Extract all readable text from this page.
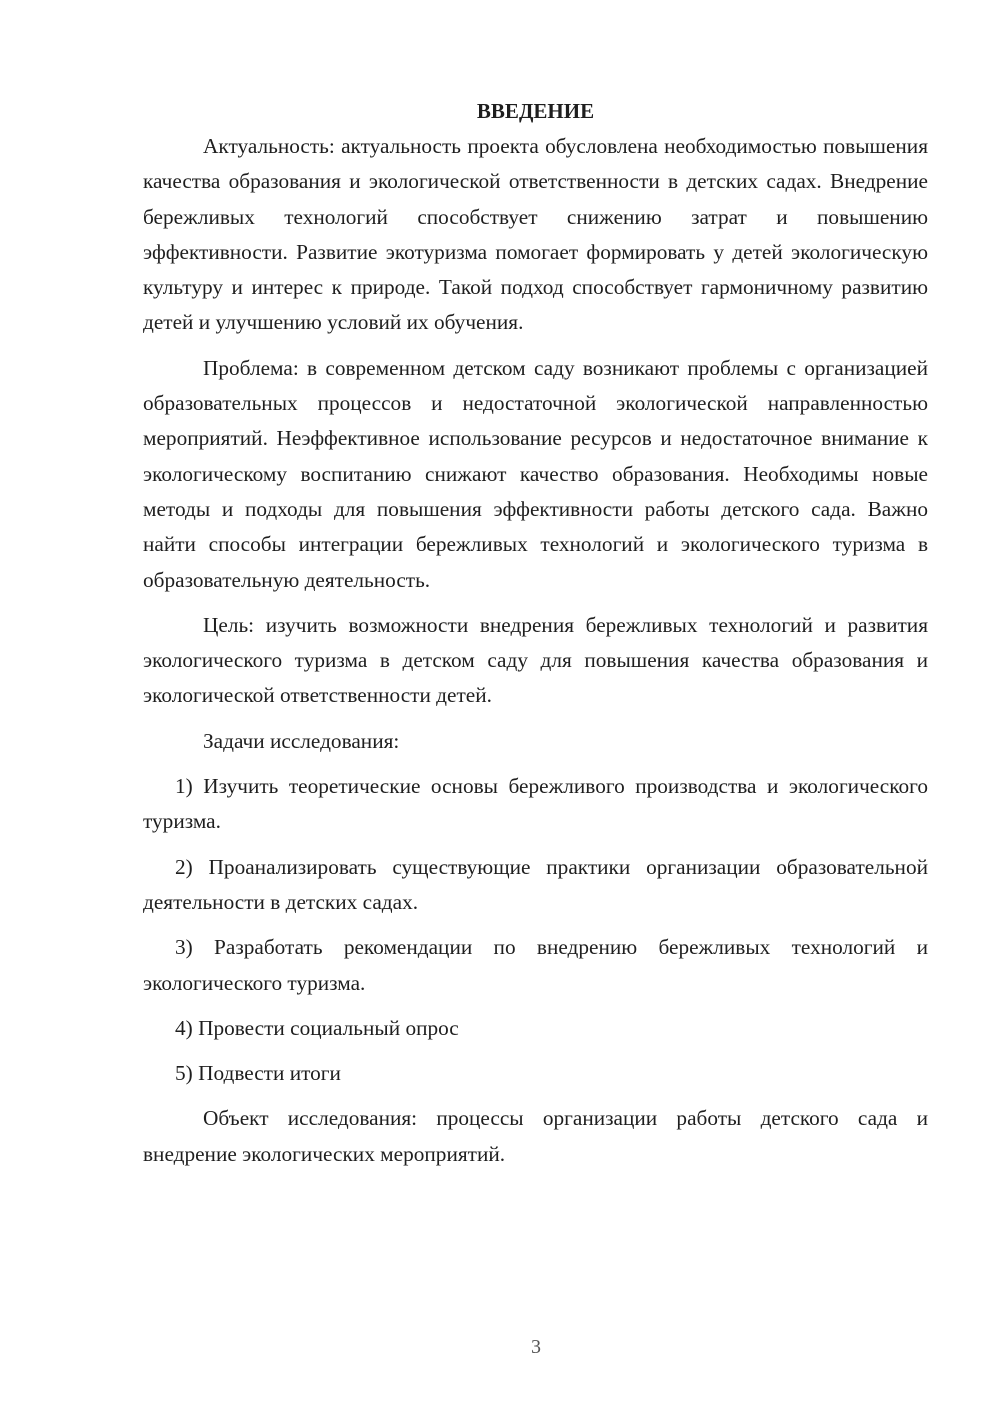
ВВЕДЕНИЕ

Актуальность: актуальность проекта обусловлена необходимостью повышения качества образования и экологической ответственности в детских садах. Внедрение бережливых технологий способствует снижению затрат и повышению эффективности. Развитие экотуризма помогает формировать у детей экологическую культуру и интерес к природе. Такой подход способствует гармоничному развитию детей и улучшению условий их обучения.

Проблема: в современном детском саду возникают проблемы с организацией образовательных процессов и недостаточной экологической направленностью мероприятий. Неэффективное использование ресурсов и недостаточное внимание к экологическому воспитанию снижают качество образования. Необходимы новые методы и подходы для повышения эффективности работы детского сада. Важно найти способы интеграции бережливых технологий и экологического туризма в образовательную деятельность.

Цель: изучить возможности внедрения бережливых технологий и развития экологического туризма в детском саду для повышения качества образования и экологической ответственности детей.

Задачи исследования:

1) Изучить теоретические основы бережливого производства и экологического туризма.

2) Проанализировать существующие практики организации образовательной деятельности в детских садах.

3) Разработать рекомендации по внедрению бережливых технологий и экологического туризма.

4) Провести социальный опрос

5) Подвести итоги

Объект исследования: процессы организации работы детского сада и внедрение экологических мероприятий.

3
